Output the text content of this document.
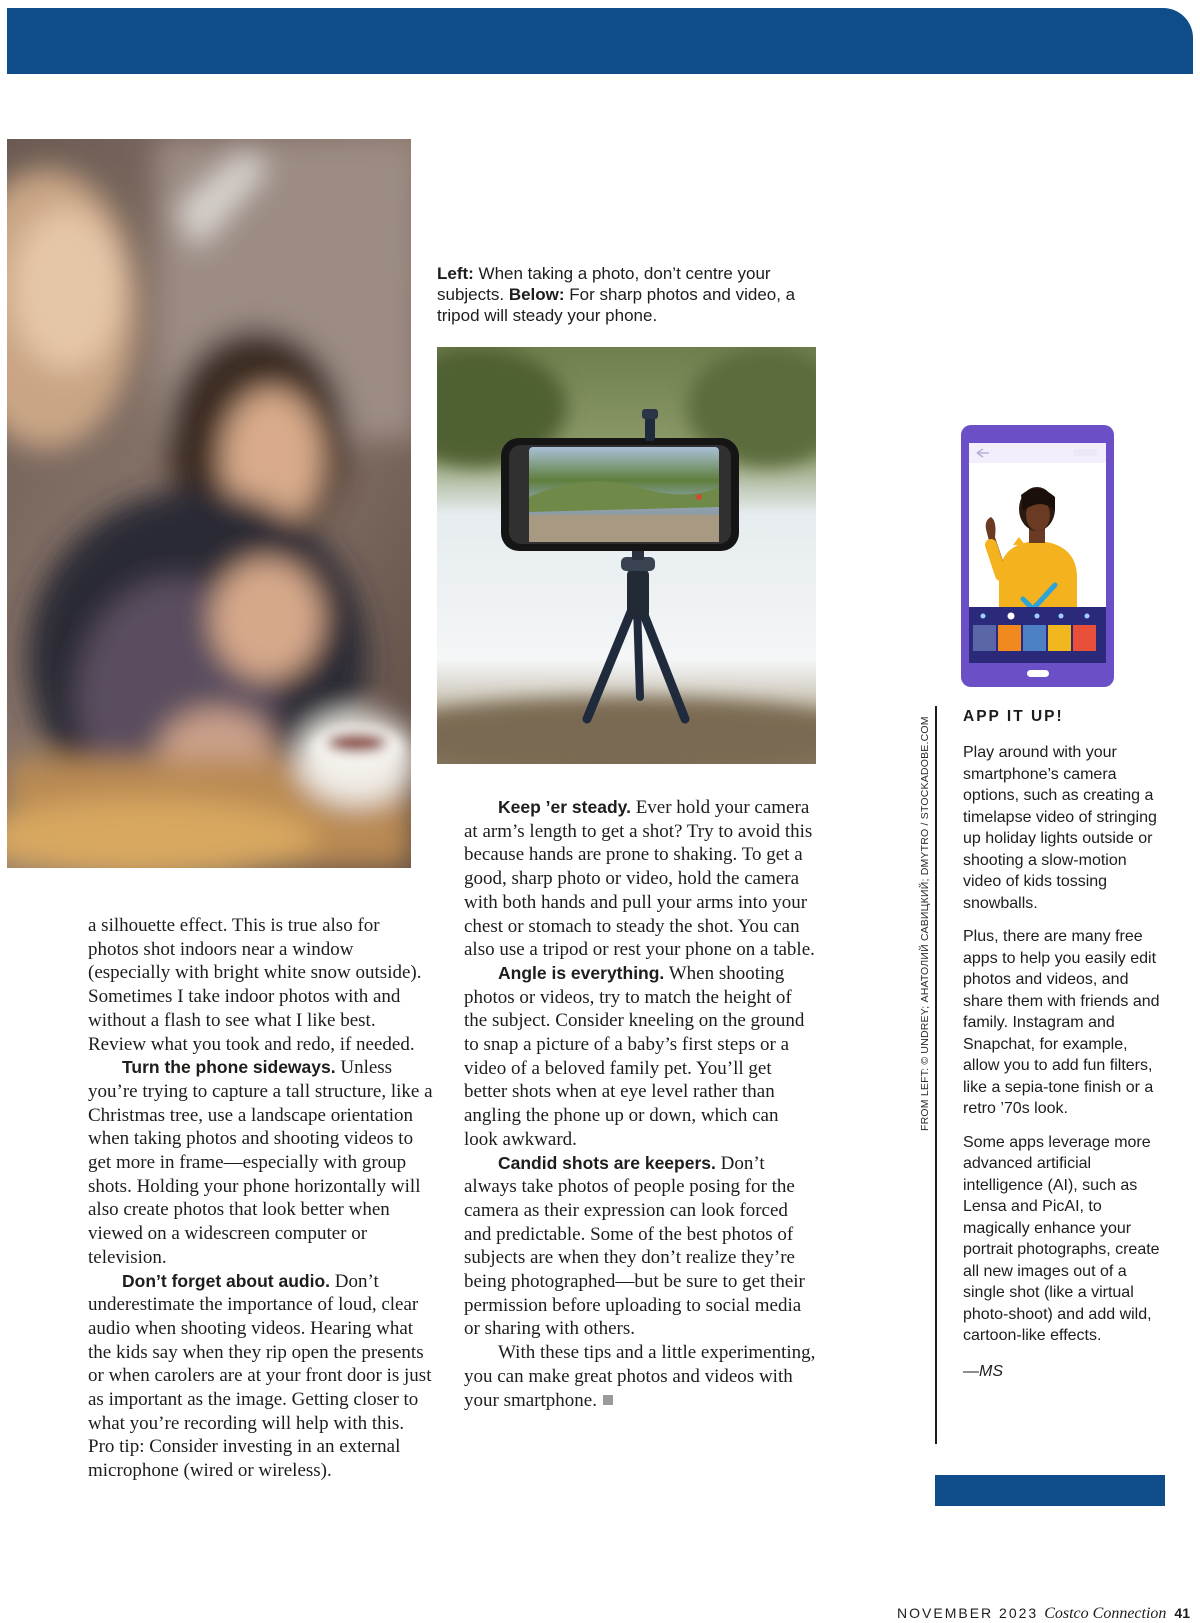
Left: When taking a photo, don’t centre your subjects. Below: For sharp photos and video, a tripod will steady your phone.

a silhouette effect. This is true also for photos shot indoors near a window (especially with bright white snow outside). Sometimes I take indoor photos with and without a flash to see what I like best. Review what you took and redo, if needed.

Turn the phone sideways. Unless you’re trying to capture a tall structure, like a Christmas tree, use a landscape orientation when taking photos and shooting videos to get more in frame—especially with group shots. Holding your phone horizontally will also create photos that look better when viewed on a widescreen computer or television.

Don’t forget about audio. Don’t underestimate the importance of loud, clear audio when shooting videos. Hearing what the kids say when they rip open the presents or when carolers are at your front door is just as important as the image. Getting closer to what you’re recording will help with this. Pro tip: Consider investing in an external microphone (wired or wireless).

Keep ’er steady. Ever hold your camera at arm’s length to get a shot? Try to avoid this because hands are prone to shaking. To get a good, sharp photo or video, hold the camera with both hands and pull your arms into your chest or stomach to steady the shot. You can also use a tripod or rest your phone on a table.

Angle is everything. When shooting photos or videos, try to match the height of the subject. Consider kneeling on the ground to snap a picture of a baby’s first steps or a video of a beloved family pet. You’ll get better shots when at eye level rather than angling the phone up or down, which can look awkward.

Candid shots are keepers. Don’t always take photos of people posing for the camera as their expression can look forced and predictable. Some of the best photos of subjects are when they don’t realize they’re being photographed—but be sure to get their permission before uploading to social media or sharing with others.

With these tips and a little experimenting, you can make great photos and videos with your smartphone.

FROM LEFT: © UNDREY; АНАТОЛИЙ САВИЦКИЙ; DMYTRO / STOCKADOBE.COM APP IT UP!

Play around with your smartphone’s camera options, such as creating a timelapse video of stringing up holiday lights outside or shooting a slow-motion video of kids tossing snowballs.

Plus, there are many free apps to help you easily edit photos and videos, and share them with friends and family. Instagram and Snapchat, for example, allow you to add fun filters, like a sepia-tone finish or a retro ’70s look.

Some apps leverage more advanced artificial intelligence (AI), such as Lensa and PicAI, to magically enhance your portrait photographs, create all new images out of a single shot (like a virtual photo-shoot) and add wild, cartoon-like effects.

—MS

NOVEMBER 2023 Costco Connection 41
